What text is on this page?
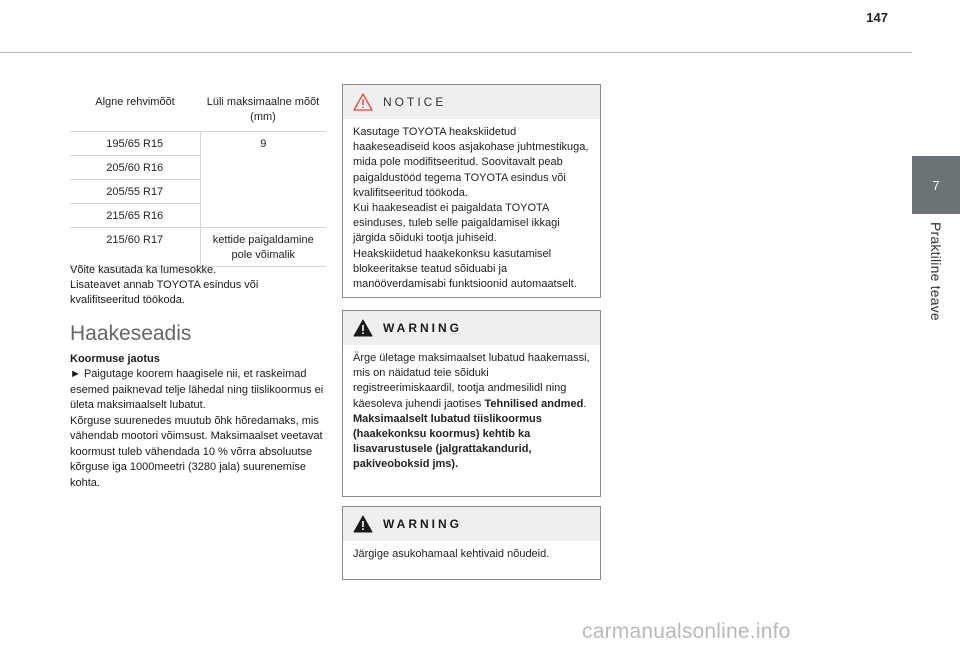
147
7
Praktiline teave
Algne rehvimõõt	Lüli maksimaalne mõõt (mm)
195/65 R15	9
205/60 R16	
205/55 R17	
215/65 R16	
215/60 R17	kettide paigaldamine pole võimalik
Võite kasutada ka lumesokke.
Lisateavet annab TOYOTA esindus või kvalifitseeritud töökoda.
Haakeseadis
Koormuse jaotus
► Paigutage koorem haagisele nii, et raskeimad esemed paiknevad telje lähedal ning tiislikoormus ei ületa maksimaalselt lubatut.
Kõrguse suurenedes muutub õhk hõredamaks, mis vähendab mootori võimsust. Maksimaalset veetavat koormust tuleb vähendada 10 % võrra absoluutse kõrguse iga 1000meetri (3280 jala) suurenemise kohta.
NOTICE
Kasutage TOYOTA heakskiidetud haakeseadiseid koos asjakohase juhtmestikuga, mida pole modifitseeritud. Soovitavalt peab paigaldustööd tegema TOYOTA esindus või kvalifitseeritud töökoda.
Kui haakeseadist ei paigaldata TOYOTA esinduses, tuleb selle paigaldamisel ikkagi järgida sõiduki tootja juhiseid.
Heakskiidetud haakekonksu kasutamisel blokeeritakse teatud sõiduabi ja manööverdamisabi funktsioonid automaatselt.
WARNING
Ärge ületage maksimaalset lubatud haakemassi, mis on näidatud teie sõiduki registreerimiskaardil, tootja andmesilidl ning käesoleva juhendi jaotises Tehnilised andmed.
Maksimaalselt lubatud tiislikoormus (haakekonksu koormus) kehtib ka lisavarustusele (jalgrattakandurid, pakiveoboksid jms).
WARNING
Järgige asukohamaal kehtivaid nõudeid.
carmanualsonline.info
